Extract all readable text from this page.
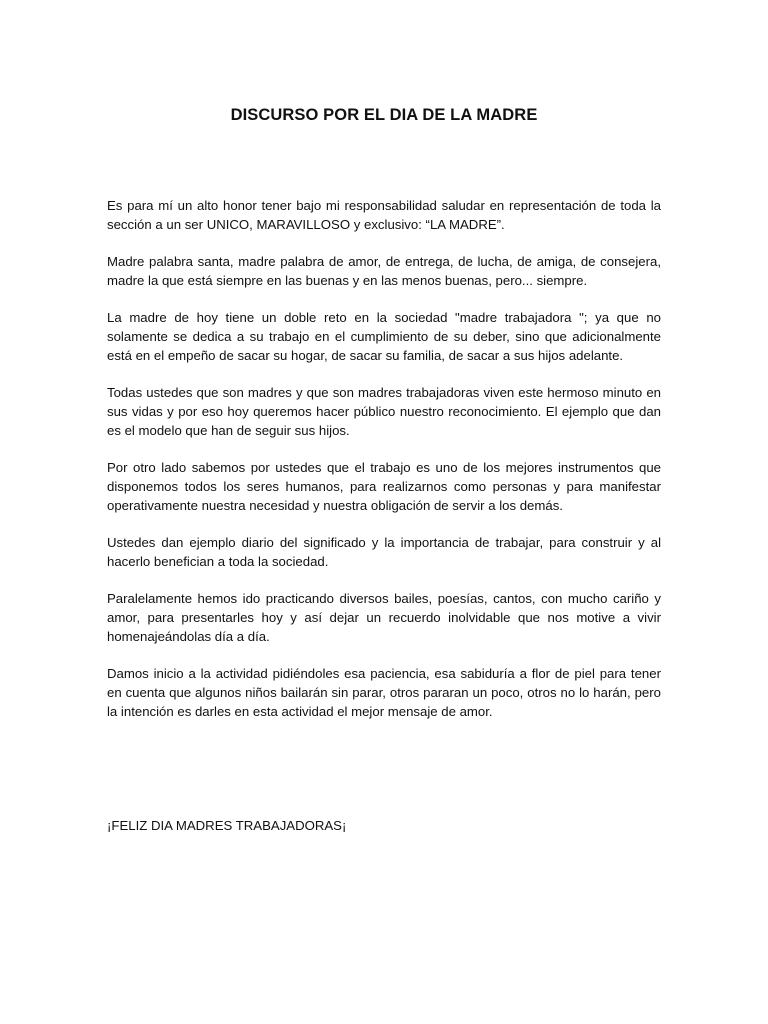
DISCURSO POR EL DIA DE LA MADRE

Es para mí un alto honor tener bajo mi responsabilidad saludar en representación de toda la sección a un ser UNICO, MARAVILLOSO y exclusivo: “LA MADRE”.

Madre palabra santa, madre palabra de amor, de entrega, de lucha, de amiga, de consejera, madre la que está siempre en las buenas y en las menos buenas, pero... siempre.

La madre de hoy tiene un doble reto en la sociedad "madre trabajadora "; ya que no solamente se dedica a su trabajo en el cumplimiento de su deber, sino que adicionalmente está en el empeño de sacar su hogar, de sacar su familia, de sacar a sus hijos adelante.

Todas ustedes que son madres y que son madres trabajadoras viven este hermoso minuto en sus vidas y por eso hoy queremos hacer público nuestro reconocimiento. El ejemplo que dan es el modelo que han de seguir sus hijos.

Por otro lado sabemos por ustedes que el trabajo es uno de los mejores instrumentos que disponemos todos los seres humanos, para realizarnos como personas y para manifestar operativamente nuestra necesidad y nuestra obligación de servir a los demás.

Ustedes dan ejemplo diario del significado y la importancia de trabajar, para construir y al hacerlo benefician a toda la sociedad.

Paralelamente hemos ido practicando diversos bailes, poesías, cantos, con mucho cariño y amor, para presentarles hoy y así dejar un recuerdo inolvidable que nos motive a vivir homenajeándolas día a día.

Damos inicio a la actividad pidiéndoles esa paciencia, esa sabiduría a flor de piel para tener en cuenta que algunos niños bailarán sin parar, otros pararan un poco, otros no lo harán, pero la intención es darles en esta actividad el mejor mensaje de amor.

¡FELIZ DIA MADRES TRABAJADORAS¡
